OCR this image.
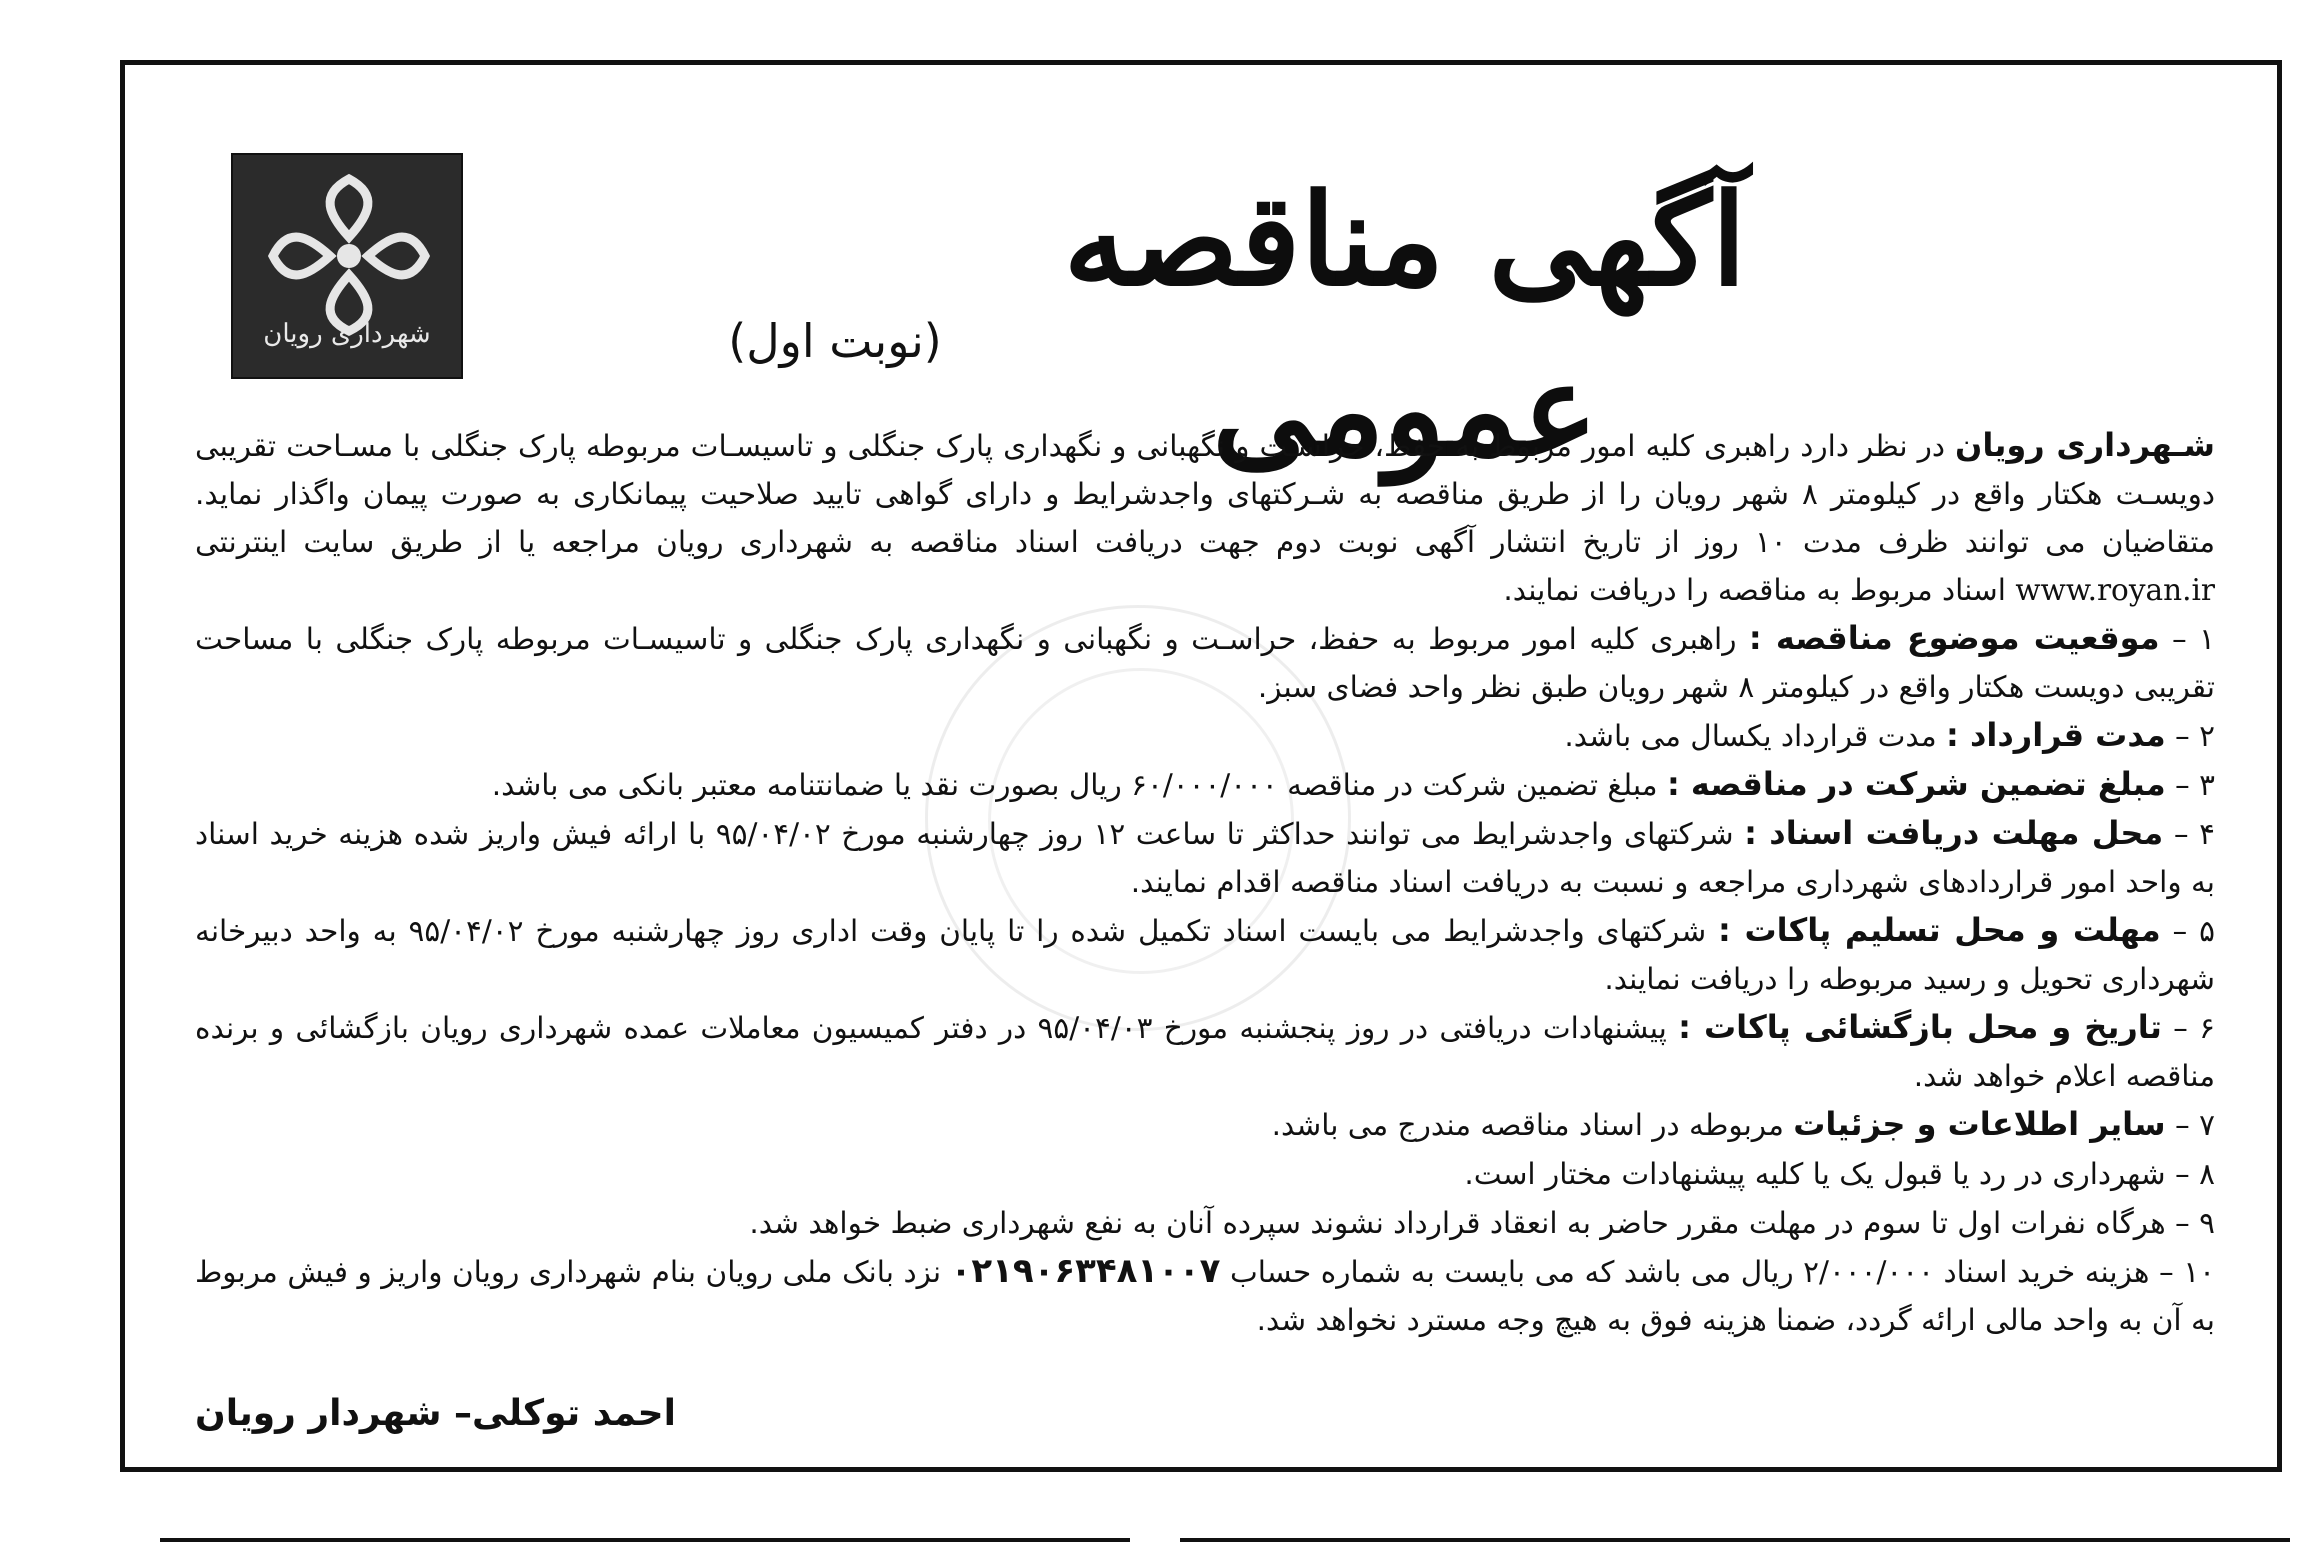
شهرداری رویان
آگهی مناقصه عمومی
(نوبت اول)

شـهرداری رویان در نظر دارد راهبری کلیه امور مربوط به حفظ، حراسـت و نگهبانی و نگهداری پارک جنگلی و تاسیسـات مربوطه پارک جنگلی با مسـاحت تقریبی دویسـت هکتار واقع در کیلومتر ۸ شهر رویان را از طریق مناقصه به شـرکتهای واجدشرایط و دارای گواهی تایید صلاحیت پیمانکاری به صورت پیمان واگذار نماید. متقاضیان می توانند ظرف مدت ۱۰ روز از تاریخ انتشار آگهی نوبت دوم جهت دریافت اسناد مناقصه به شهرداری رویان مراجعه یا از طریق سایت اینترنتی www.royan.ir اسناد مربوط به مناقصه را دریافت نمایند.

۱ – موقعیت موضوع مناقصه : راهبری کلیه امور مربوط به حفظ، حراسـت و نگهبانی و نگهداری پارک جنگلی و تاسیسـات مربوطه پارک جنگلی با مساحت تقریبی دویست هکتار واقع در کیلومتر ۸ شهر رویان طبق نظر واحد فضای سبز.

۲ – مدت قرارداد : مدت قرارداد یکسال می باشد.

۳ – مبلغ تضمین شرکت در مناقصه : مبلغ تضمین شرکت در مناقصه ۶۰/۰۰۰/۰۰۰ ریال بصورت نقد یا ضمانتنامه معتبر بانکی می باشد.

۴ – محل مهلت دریافت اسناد : شرکتهای واجدشرایط می توانند حداکثر تا ساعت ۱۲ روز چهارشنبه مورخ ۹۵/۰۴/۰۲ با ارائه فیش واریز شده هزینه خرید اسناد به واحد امور قراردادهای شهرداری مراجعه و نسبت به دریافت اسناد مناقصه اقدام نمایند.

۵ – مهلت و محل تسلیم پاکات : شرکتهای واجدشرایط می بایست اسناد تکمیل شده را تا پایان وقت اداری روز چهارشنبه مورخ ۹۵/۰۴/۰۲ به واحد دبیرخانه شهرداری تحویل و رسید مربوطه را دریافت نمایند.

۶ – تاریخ و محل بازگشائی پاکات : پیشنهادات دریافتی در روز پنجشنبه مورخ ۹۵/۰۴/۰۳ در دفتر کمیسیون معاملات عمده شهرداری رویان بازگشائی و برنده مناقصه اعلام خواهد شد.

۷ – سایر اطلاعات و جزئیات مربوطه در اسناد مناقصه مندرج می باشد.

۸ – شهرداری در رد یا قبول یک یا کلیه پیشنهادات مختار است.

۹ – هرگاه نفرات اول تا سوم در مهلت مقرر حاضر به انعقاد قرارداد نشوند سپرده آنان به نفع شهرداری ضبط خواهد شد.

۱۰ – هزینه خرید اسناد ۲/۰۰۰/۰۰۰ ریال می باشد که می بایست به شماره حساب ۰۲۱۹۰۶۳۴۸۱۰۰۷ نزد بانک ملی رویان بنام شهرداری رویان واریز و فیش مربوط به آن به واحد مالی ارائه گردد، ضمنا هزینه فوق به هیچ وجه مسترد نخواهد شد.

احمد توکلی– شهردار رویان
